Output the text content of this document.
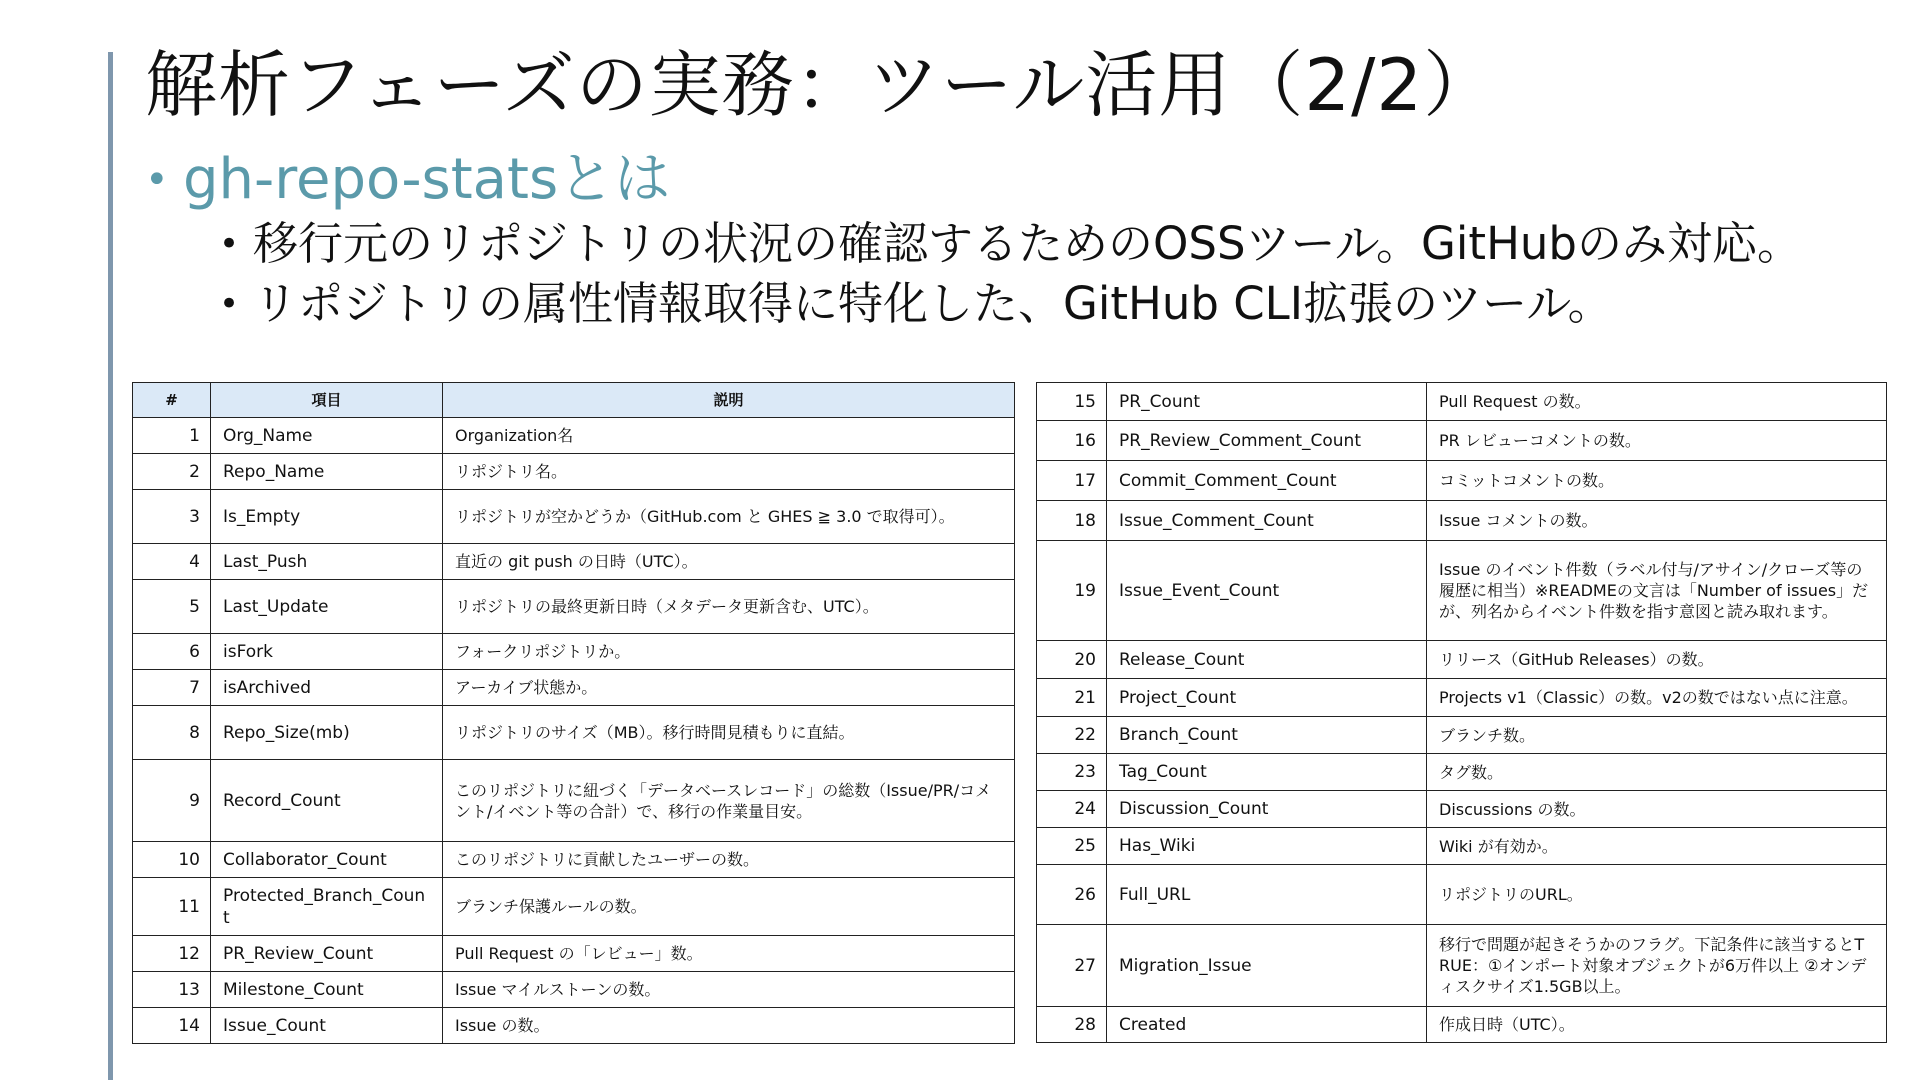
解析フェーズの実務：ツール活用（2/2）
• gh-repo-statsとは
• 移行元のリポジトリの状況の確認するためのOSSツール。GitHubのみ対応。
• リポジトリの属性情報取得に特化した、GitHub CLI拡張のツール。
#	項目	説明
1	Org_Name	Organization名
2	Repo_Name	リポジトリ名。
3	Is_Empty	リポジトリが空かどうか（GitHub.com と GHES ≧ 3.0 で取得可）。
4	Last_Push	直近の git push の日時（UTC）。
5	Last_Update	リポジトリの最終更新日時（メタデータ更新含む、UTC）。
6	isFork	フォークリポジトリか。
7	isArchived	アーカイブ状態か。
8	Repo_Size(mb)	リポジトリのサイズ（MB）。移行時間見積もりに直結。
9	Record_Count	このリポジトリに紐づく「データベースレコード」の総数（Issue/PR/コメント/イベント等の合計）で、移行の作業量目安。
10	Collaborator_Count	このリポジトリに貢献したユーザーの数。
11	Protected_Branch_Count	ブランチ保護ルールの数。
12	PR_Review_Count	Pull Request の「レビュー」数。
13	Milestone_Count	Issue マイルストーンの数。
14	Issue_Count	Issue の数。
15	PR_Count	Pull Request の数。
16	PR_Review_Comment_Count	PR レビューコメントの数。
17	Commit_Comment_Count	コミットコメントの数。
18	Issue_Comment_Count	Issue コメントの数。
19	Issue_Event_Count	Issue のイベント件数（ラベル付与/アサイン/クローズ等の履歴に相当）※READMEの文言は「Number of issues」だが、列名からイベント件数を指す意図と読み取れます。
20	Release_Count	リリース（GitHub Releases）の数。
21	Project_Count	Projects v1（Classic）の数。v2の数ではない点に注意。
22	Branch_Count	ブランチ数。
23	Tag_Count	タグ数。
24	Discussion_Count	Discussions の数。
25	Has_Wiki	Wiki が有効か。
26	Full_URL	リポジトリのURL。
27	Migration_Issue	移行で問題が起きそうかのフラグ。下記条件に該当するとTRUE：①インポート対象オブジェクトが6万件以上 ②オンディスクサイズ1.5GB以上。
28	Created	作成日時（UTC）。
